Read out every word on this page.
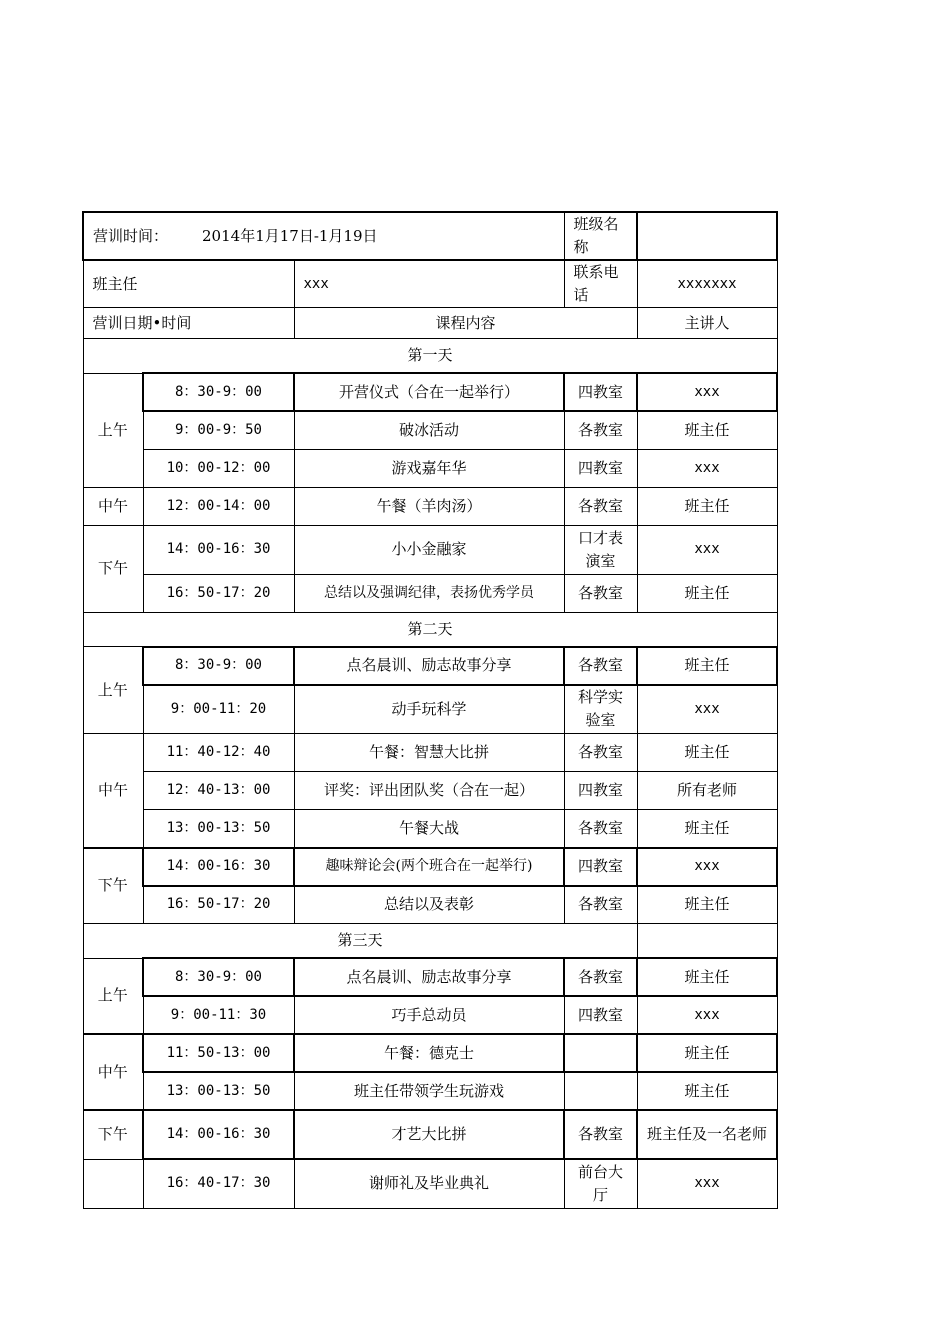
营训时间： 2014年1月17日-1月19日			班级名称	
班主任		xxx	联系电话	xxxxxxx
营训日期•时间		课程内容		主讲人
第一天				
上午	8：30-9：00	开营仪式（合在一起举行）	四教室	xxx
	9：00-9：50	破冰活动	各教室	班主任
	10：00-12：00	游戏嘉年华	四教室	xxx
中午	12：00-14：00	午餐（羊肉汤）	各教室	班主任
下午	14：00-16：30	小小金融家	口才表演室	xxx
	16：50-17：20	总结以及强调纪律，表扬优秀学员	各教室	班主任
第二天				
上午	8：30-9：00	点名晨训、励志故事分享	各教室	班主任
	9：00-11：20	动手玩科学	科学实验室	xxx
中午	11：40-12：40	午餐：智慧大比拼	各教室	班主任
	12：40-13：00	评奖：评出团队奖（合在一起）	四教室	所有老师
	13：00-13：50	午餐大战	各教室	班主任
下午	14：00-16：30	趣味辩论会(两个班合在一起举行)	四教室	xxx
	16：50-17：20	总结以及表彰	各教室	班主任
第三天				
上午	8：30-9：00	点名晨训、励志故事分享	各教室	班主任
	9：00-11：30	巧手总动员	四教室	xxx
中午	11：50-13：00	午餐：德克士		班主任
	13：00-13：50	班主任带领学生玩游戏		班主任
下午	14：00-16：30	才艺大比拼	各教室	班主任及一名老师
	16：40-17：30	谢师礼及毕业典礼	前台大厅	xxx
